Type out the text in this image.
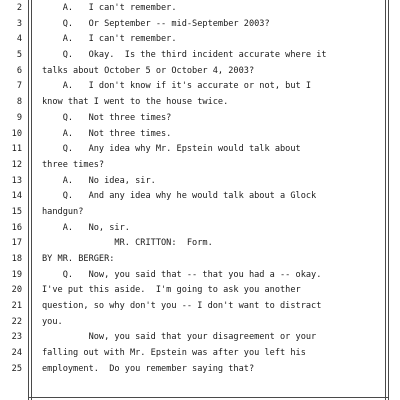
2 A.   I can't remember.
3 Q.   Or September -- mid-September 2003?
4 A.   I can't remember.
5 Q.   Okay.  Is the third incident accurate where it
6 talks about October 5 or October 4, 2003?
7 A.   I don't know if it's accurate or not, but I
8 know that I went to the house twice.
9 Q.   Not three times?
10 A.   Not three times.
11 Q.   Any idea why Mr. Epstein would talk about
12 three times?
13 A.   No idea, sir.
14 Q.   And any idea why he would talk about a Glock
15 handgun?
16 A.   No, sir.
17 MR. CRITTON:  Form.
18 BY MR. BERGER:
19 Q.   Now, you said that -- that you had a -- okay.
20 I've put this aside.  I'm going to ask you another
21 question, so why don't you -- I don't want to distract
22 you.
23 Now, you said that your disagreement or your
24 falling out with Mr. Epstein was after you left his
25 employment.  Do you remember saying that?
